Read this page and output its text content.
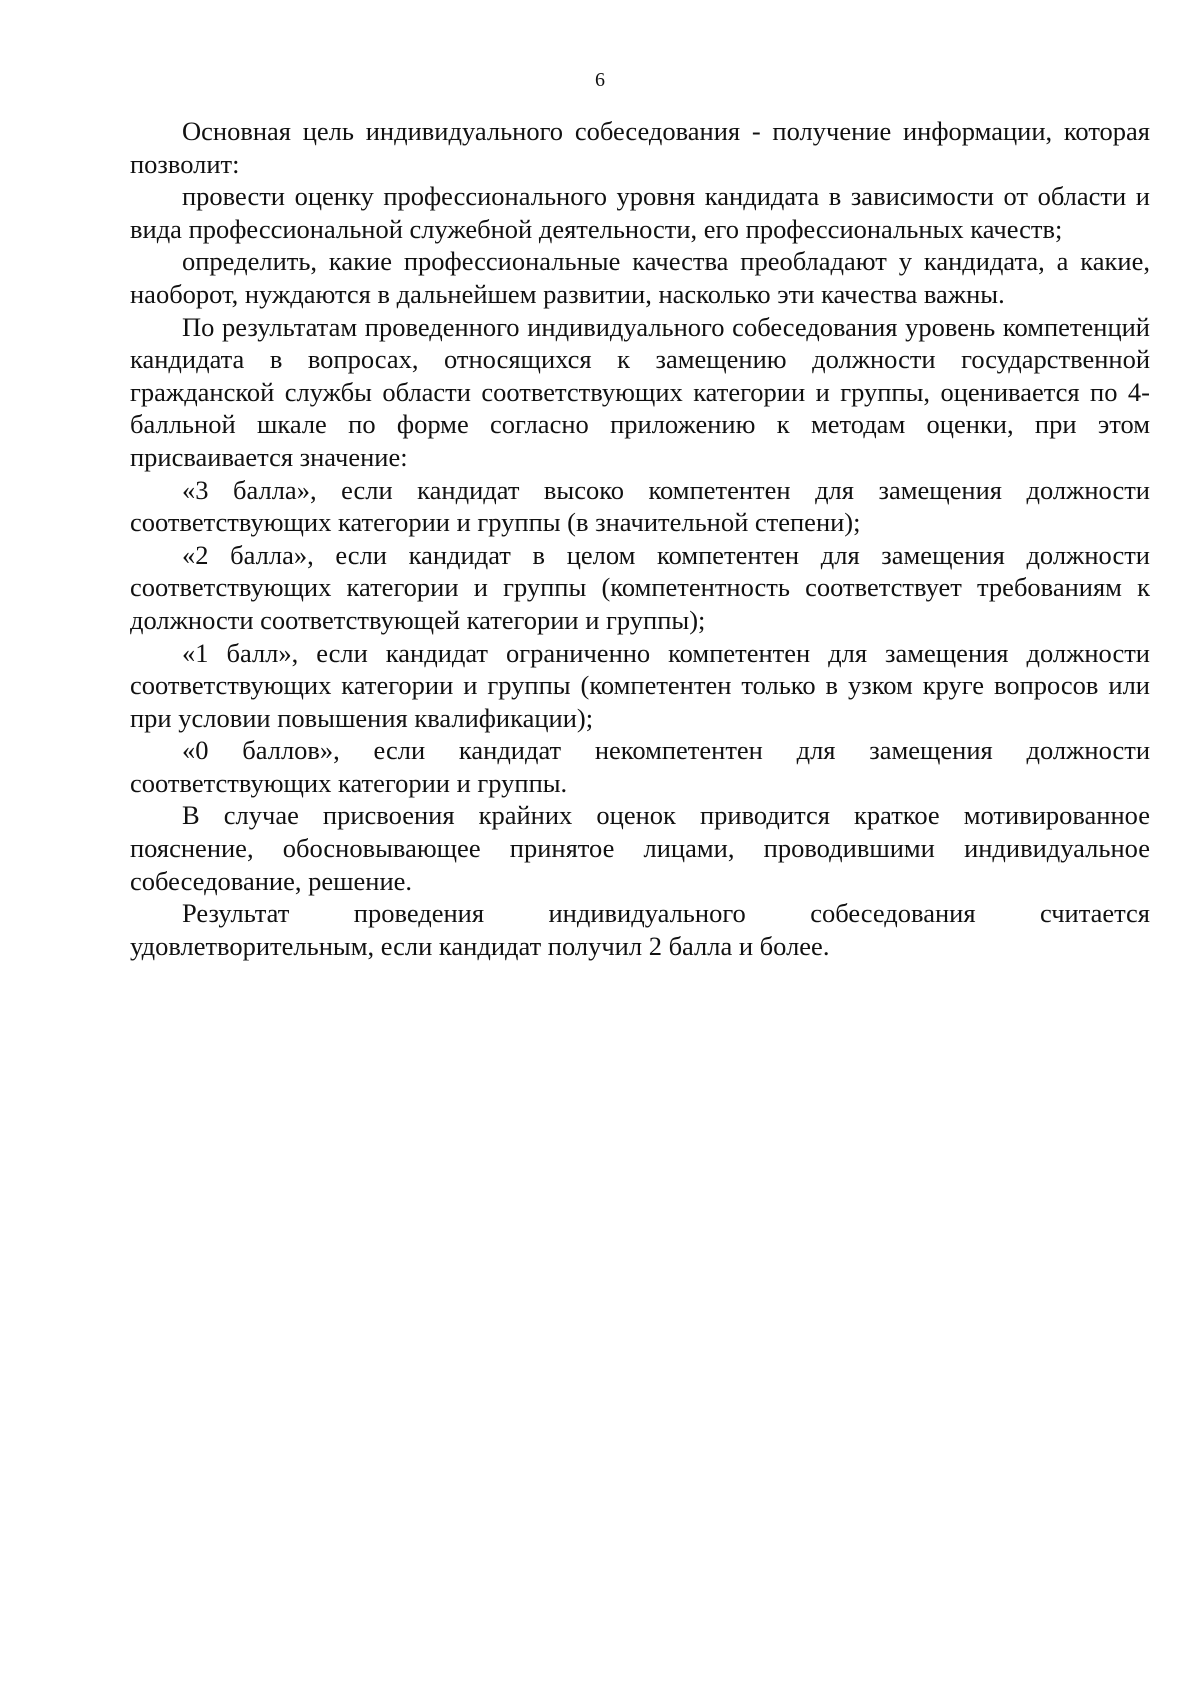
6

Основная цель индивидуального собеседования - получение информации, которая позволит:

провести оценку профессионального уровня кандидата в зависимости от области и вида профессиональной служебной деятельности, его профессиональных качеств;

определить, какие профессиональные качества преобладают у кандидата, а какие, наоборот, нуждаются в дальнейшем развитии, насколько эти качества важны.

По результатам проведенного индивидуального собеседования уровень компетенций кандидата в вопросах, относящихся к замещению должности государственной гражданской службы области соответствующих категории и группы, оценивается по 4-балльной шкале по форме согласно приложению к методам оценки, при этом присваивается значение:

«3 балла», если кандидат высоко компетентен для замещения должности соответствующих категории и группы (в значительной степени);

«2 балла», если кандидат в целом компетентен для замещения должности соответствующих категории и группы (компетентность соответствует требованиям к должности соответствующей категории и группы);

«1 балл», если кандидат ограниченно компетентен для замещения должности соответствующих категории и группы (компетентен только в узком круге вопросов или при условии повышения квалификации);

«0 баллов», если кандидат некомпетентен для замещения должности соответствующих категории и группы.

В случае присвоения крайних оценок приводится краткое мотивированное пояснение, обосновывающее принятое лицами, проводившими индивидуальное собеседование, решение.

Результат проведения индивидуального собеседования считается удовлетворительным, если кандидат получил 2 балла и более.
